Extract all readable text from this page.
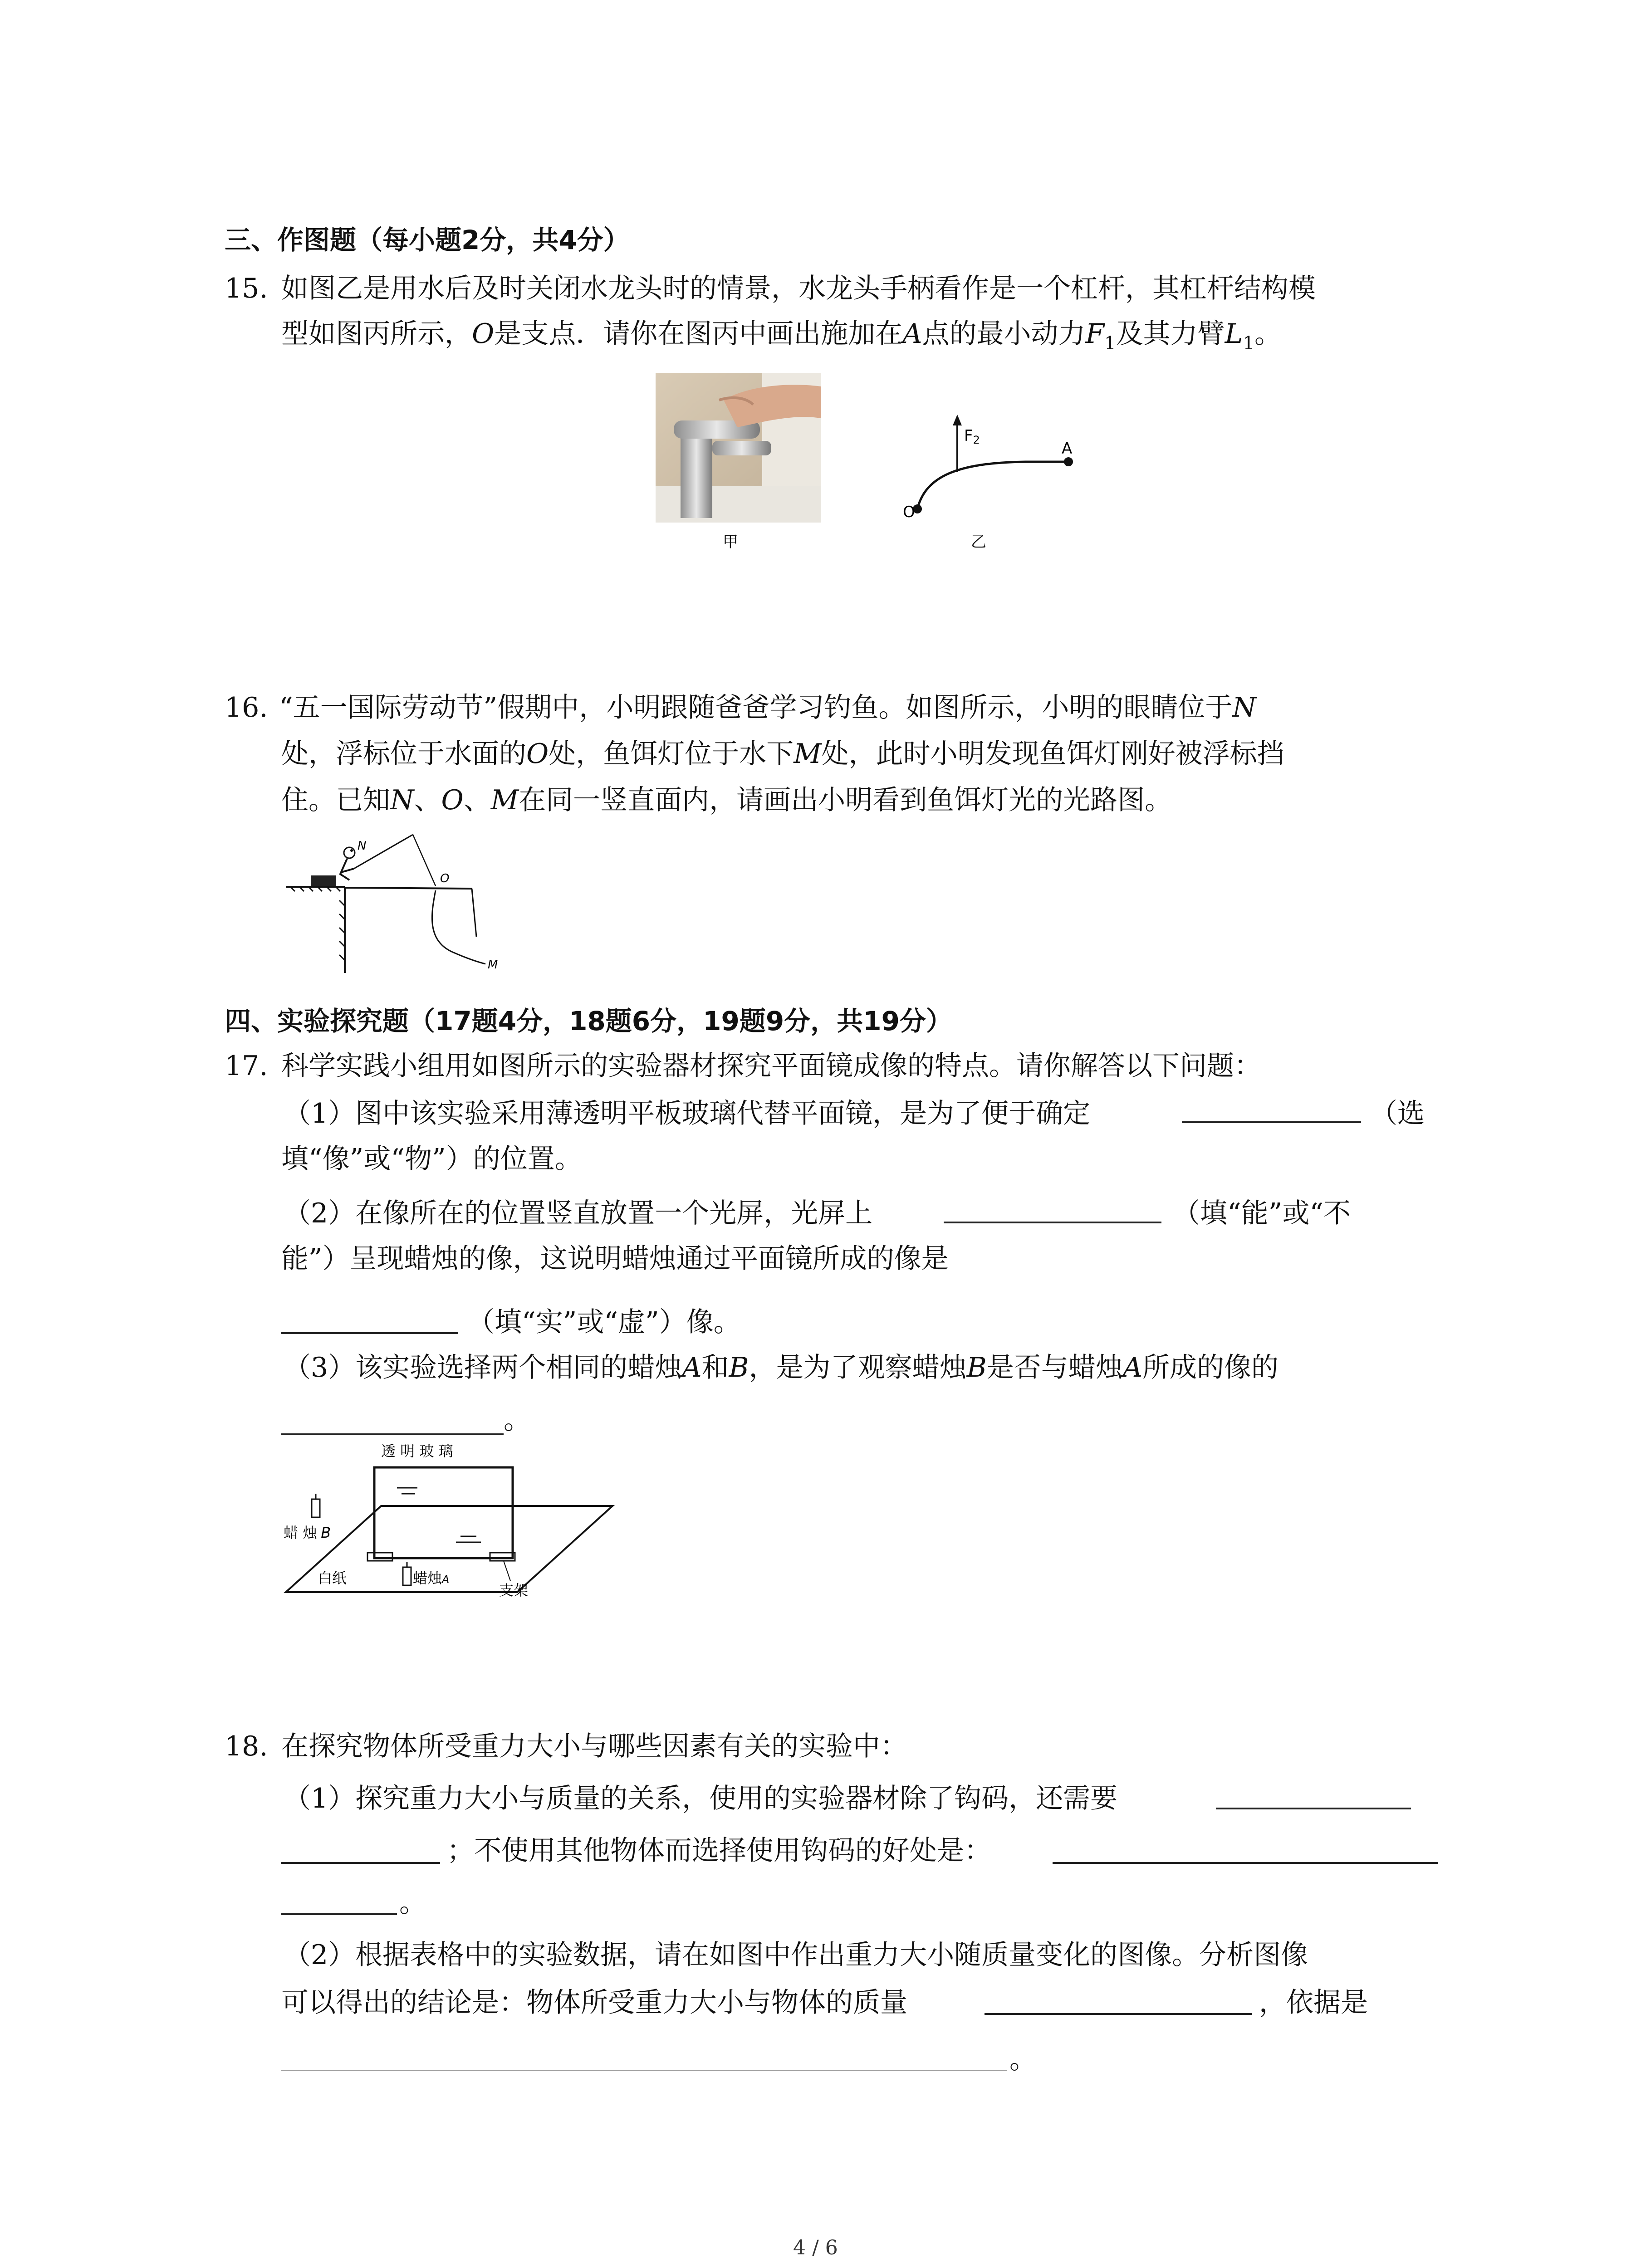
三、作图题（每小题2分，共4分）
15. 如图乙是用水后及时关闭水龙头时的情景，水龙头手柄看作是一个杠杆，其杠杆结构模
型如图丙所示，O是支点．请你在图丙中画出施加在A点的最小动力$F_1$及其力臂$L_1$。
甲
O
A
F2
乙
16. “五一国际劳动节”假期中，小明跟随爸爸学习钓鱼。如图所示，小明的眼睛位于N
处，浮标位于水面的O处，鱼饵灯位于水下M处，此时小明发现鱼饵灯刚好被浮标挡
住。已知N、O、M在同一竖直面内，请画出小明看到鱼饵灯光的光路图。
N
O
M
四、实验探究题（17题4分，18题6分，19题9分，共19分）
17. 科学实践小组用如图所示的实验器材探究平面镜成像的特点。请你解答以下问题：
（1）图中该实验采用薄透明平板玻璃代替平面镜，是为了便于确定	（选
填“像”或“物”）的位置。
（2）在像所在的位置竖直放置一个光屏，光屏上	（填“能”或“不
能”）呈现蜡烛的像，这说明蜡烛通过平面镜所成的像是
（填“实”或“虚”）像。
（3）该实验选择两个相同的蜡烛A和B，是为了观察蜡烛B是否与蜡烛A所成的像的
。
透 明 玻 璃
蜡 烛 B
白纸	蜡烛A
支架
18. 在探究物体所受重力大小与哪些因素有关的实验中：
（1）探究重力大小与质量的关系，使用的实验器材除了钩码，还需要
；不使用其他物体而选择使用钩码的好处是：
。
（2）根据表格中的实验数据，请在如图中作出重力大小随质量变化的图像。分析图像
可以得出的结论是：物体所受重力大小与物体的质量	，依据是
。
4 / 6
